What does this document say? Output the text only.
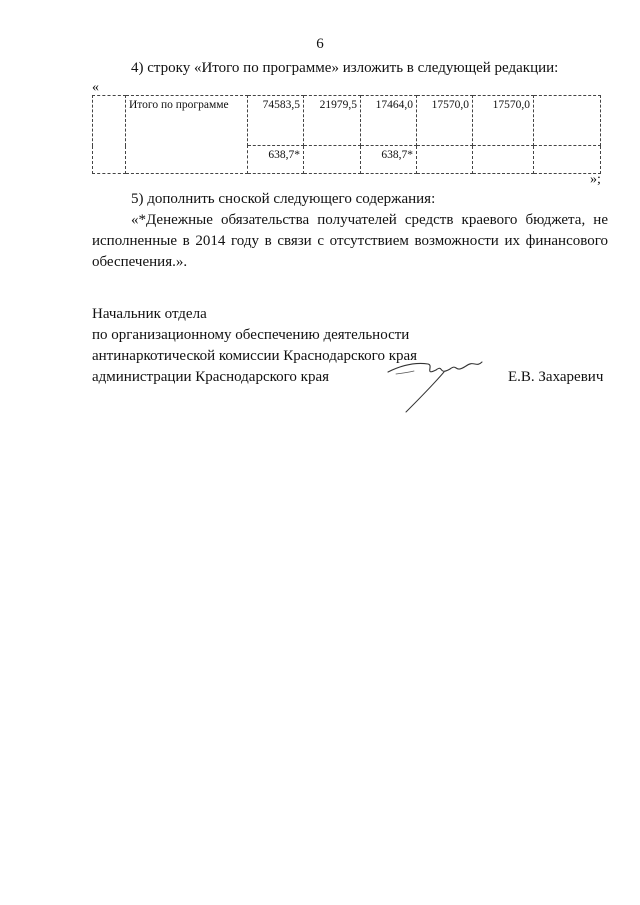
6
4) строку «Итого по программе» изложить в следующей редакции:
«
	Итого по программе	74583,5	21979,5	17464,0	17570,0	17570,0	
		638,7*		638,7*			
»;
5) дополнить сноской следующего содержания:
«*Денежные обязательства получателей средств краевого бюджета, не
исполненные в 2014 году в связи с отсутствием возможности их финансового
обеспечения.».
Начальник отдела
по организационному обеспечению деятельности
антинаркотической комиссии Краснодарского края
администрации Краснодарского края	Е.В. Захаревич
